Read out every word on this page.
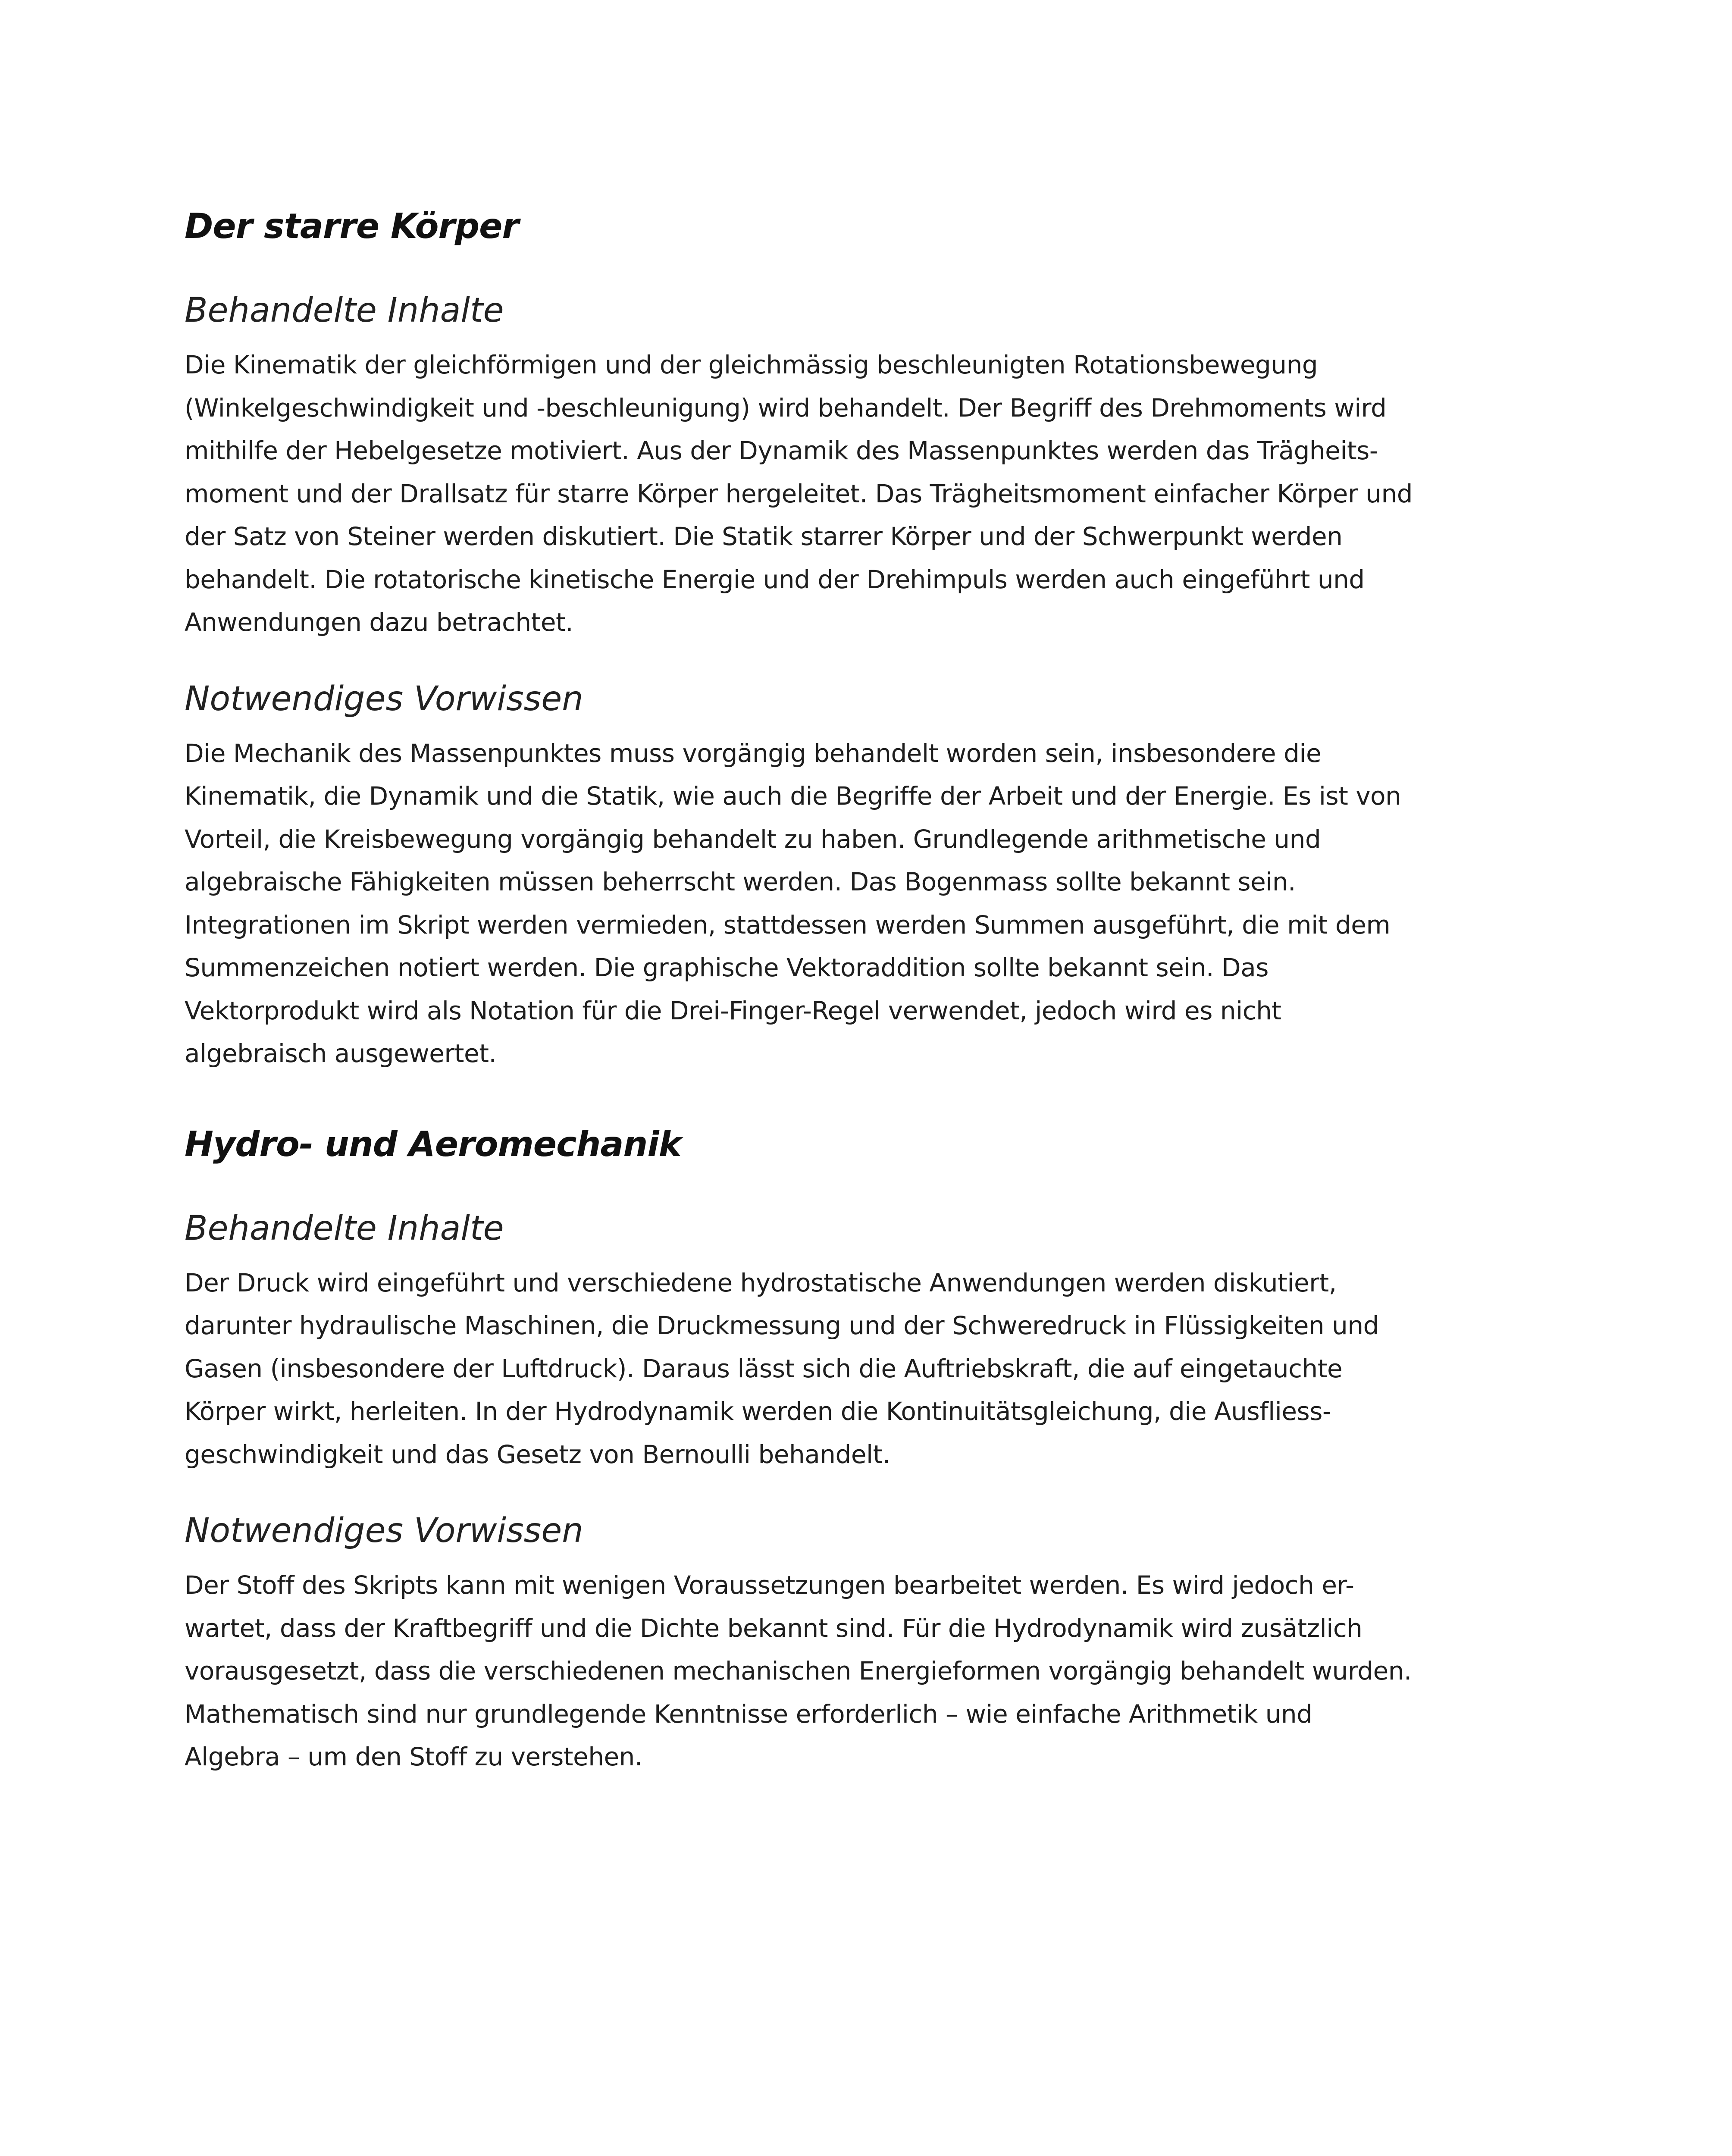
Der starre Körper
Behandelte Inhalte

Die Kinematik der gleichförmigen und der gleichmässig beschleunigten Rotationsbewegung
(Winkelgeschwindigkeit und -beschleunigung) wird behandelt. Der Begriff des Drehmoments wird
mithilfe der Hebelgesetze motiviert. Aus der Dynamik des Massenpunktes werden das Trägheits-
moment und der Drallsatz für starre Körper hergeleitet. Das Trägheitsmoment einfacher Körper und
der Satz von Steiner werden diskutiert. Die Statik starrer Körper und der Schwerpunkt werden
behandelt. Die rotatorische kinetische Energie und der Drehimpuls werden auch eingeführt und
Anwendungen dazu betrachtet.

Notwendiges Vorwissen

Die Mechanik des Massenpunktes muss vorgängig behandelt worden sein, insbesondere die
Kinematik, die Dynamik und die Statik, wie auch die Begriffe der Arbeit und der Energie. Es ist von
Vorteil, die Kreisbewegung vorgängig behandelt zu haben. Grundlegende arithmetische und
algebraische Fähigkeiten müssen beherrscht werden. Das Bogenmass sollte bekannt sein.
Integrationen im Skript werden vermieden, stattdessen werden Summen ausgeführt, die mit dem
Summenzeichen notiert werden. Die graphische Vektoraddition sollte bekannt sein. Das
Vektorprodukt wird als Notation für die Drei-Finger-Regel verwendet, jedoch wird es nicht
algebraisch ausgewertet.

Hydro- und Aeromechanik
Behandelte Inhalte

Der Druck wird eingeführt und verschiedene hydrostatische Anwendungen werden diskutiert,
darunter hydraulische Maschinen, die Druckmessung und der Schweredruck in Flüssigkeiten und
Gasen (insbesondere der Luftdruck). Daraus lässt sich die Auftriebskraft, die auf eingetauchte
Körper wirkt, herleiten. In der Hydrodynamik werden die Kontinuitätsgleichung, die Ausfliess-
geschwindigkeit und das Gesetz von Bernoulli behandelt.

Notwendiges Vorwissen

Der Stoff des Skripts kann mit wenigen Voraussetzungen bearbeitet werden. Es wird jedoch er-
wartet, dass der Kraftbegriff und die Dichte bekannt sind. Für die Hydrodynamik wird zusätzlich
vorausgesetzt, dass die verschiedenen mechanischen Energieformen vorgängig behandelt wurden.
Mathematisch sind nur grundlegende Kenntnisse erforderlich – wie einfache Arithmetik und
Algebra – um den Stoff zu verstehen.
